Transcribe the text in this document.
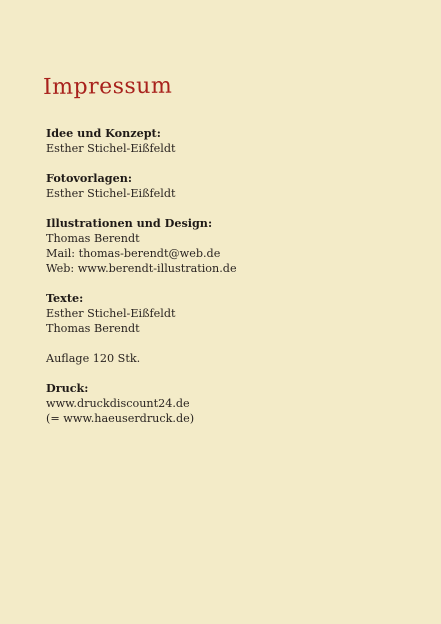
Impressum
Idee und Konzept:
Esther Stichel-Eißfeldt
Fotovorlagen:
Esther Stichel-Eißfeldt
Illustrationen und Design:
Thomas Berendt
Mail: thomas-berendt@web.de
Web: www.berendt-illustration.de
Texte:
Esther Stichel-Eißfeldt
Thomas Berendt
Auflage 120 Stk.
Druck:
www.druckdiscount24.de
(= www.haeuserdruck.de)
